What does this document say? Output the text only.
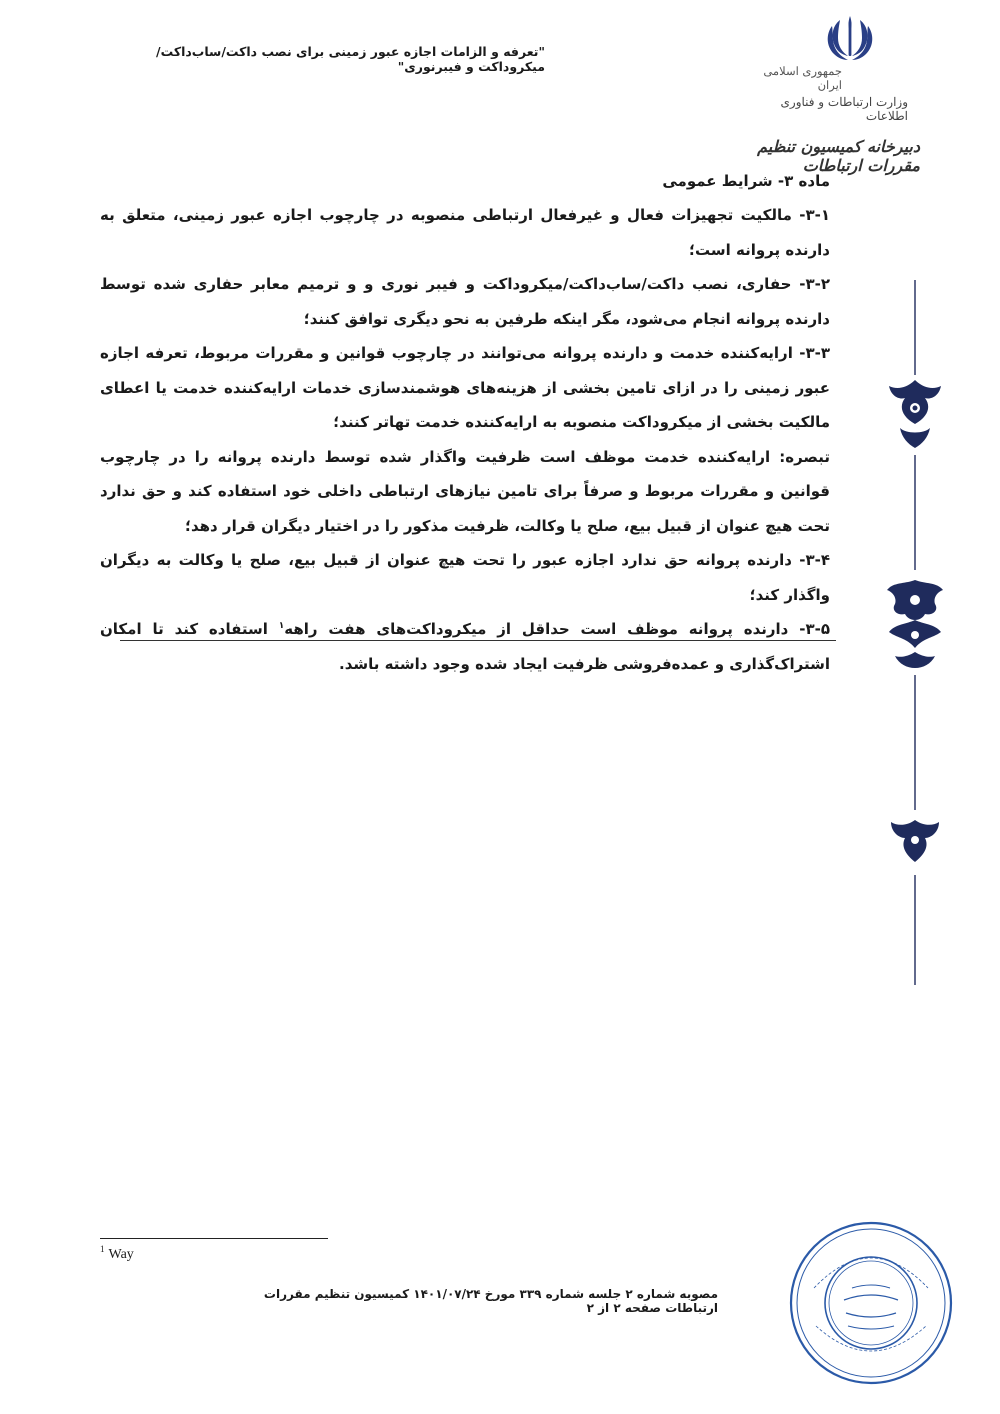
"تعرفه و الزامات اجازه عبور زمینی برای نصب داکت/ساب‌داکت/میکروداکت و فیبرنوری"	جمهوری اسلامی ایران
وزارت ارتباطات و فناوری اطلاعات
دبیرخانه کمیسیون تنظیم مقررات ارتباطات

ماده ۳- شرایط عمومی

۳-۱- مالکیت تجهیزات فعال و غیرفعال ارتباطی منصوبه در چارچوب اجازه عبور زمینی، متعلق به دارنده پروانه است؛

۳-۲- حفاری، نصب داکت/ساب‌داکت/میکروداکت و فیبر نوری و و ترمیم معابر حفاری شده توسط دارنده پروانه انجام می‌شود، مگر اینکه طرفین به نحو دیگری توافق کنند؛

۳-۳- ارایه‌کننده خدمت و دارنده پروانه می‌توانند در چارچوب قوانین و مقررات مربوط، تعرفه اجازه عبور زمینی را در ازای تامین بخشی از هزینه‌های هوشمندسازی خدمات ارایه‌کننده خدمت یا اعطای مالکیت بخشی از میکروداکت منصوبه به ارایه‌کننده خدمت تهاتر کنند؛

تبصره: ارایه‌کننده خدمت موظف است ظرفیت واگذار شده توسط دارنده پروانه را در چارچوب قوانین و مقررات مربوط و صرفاً برای تامین نیازهای ارتباطی داخلی خود استفاده کند و حق ندارد تحت هیچ عنوان از قبیل بیع، صلح یا وکالت، ظرفیت مذکور را در اختیار دیگران قرار دهد؛

۳-۴- دارنده پروانه حق ندارد اجازه عبور را تحت هیچ عنوان از قبیل بیع، صلح یا وکالت به دیگران واگذار کند؛

۳-۵- دارنده پروانه موظف است حداقل از میکروداکت‌های هفت راهه$^۱$ استفاده کند تا امکان اشتراک‌گذاری و عمده‌فروشی ظرفیت ایجاد شده وجود داشته باشد.

$^1$ Way
مصوبه شماره ۲ جلسه شماره ۳۳۹ مورخ ۱۴۰۱/۰۷/۲۴ کمیسیون تنظیم مقررات ارتباطات صفحه ۲ از ۲
